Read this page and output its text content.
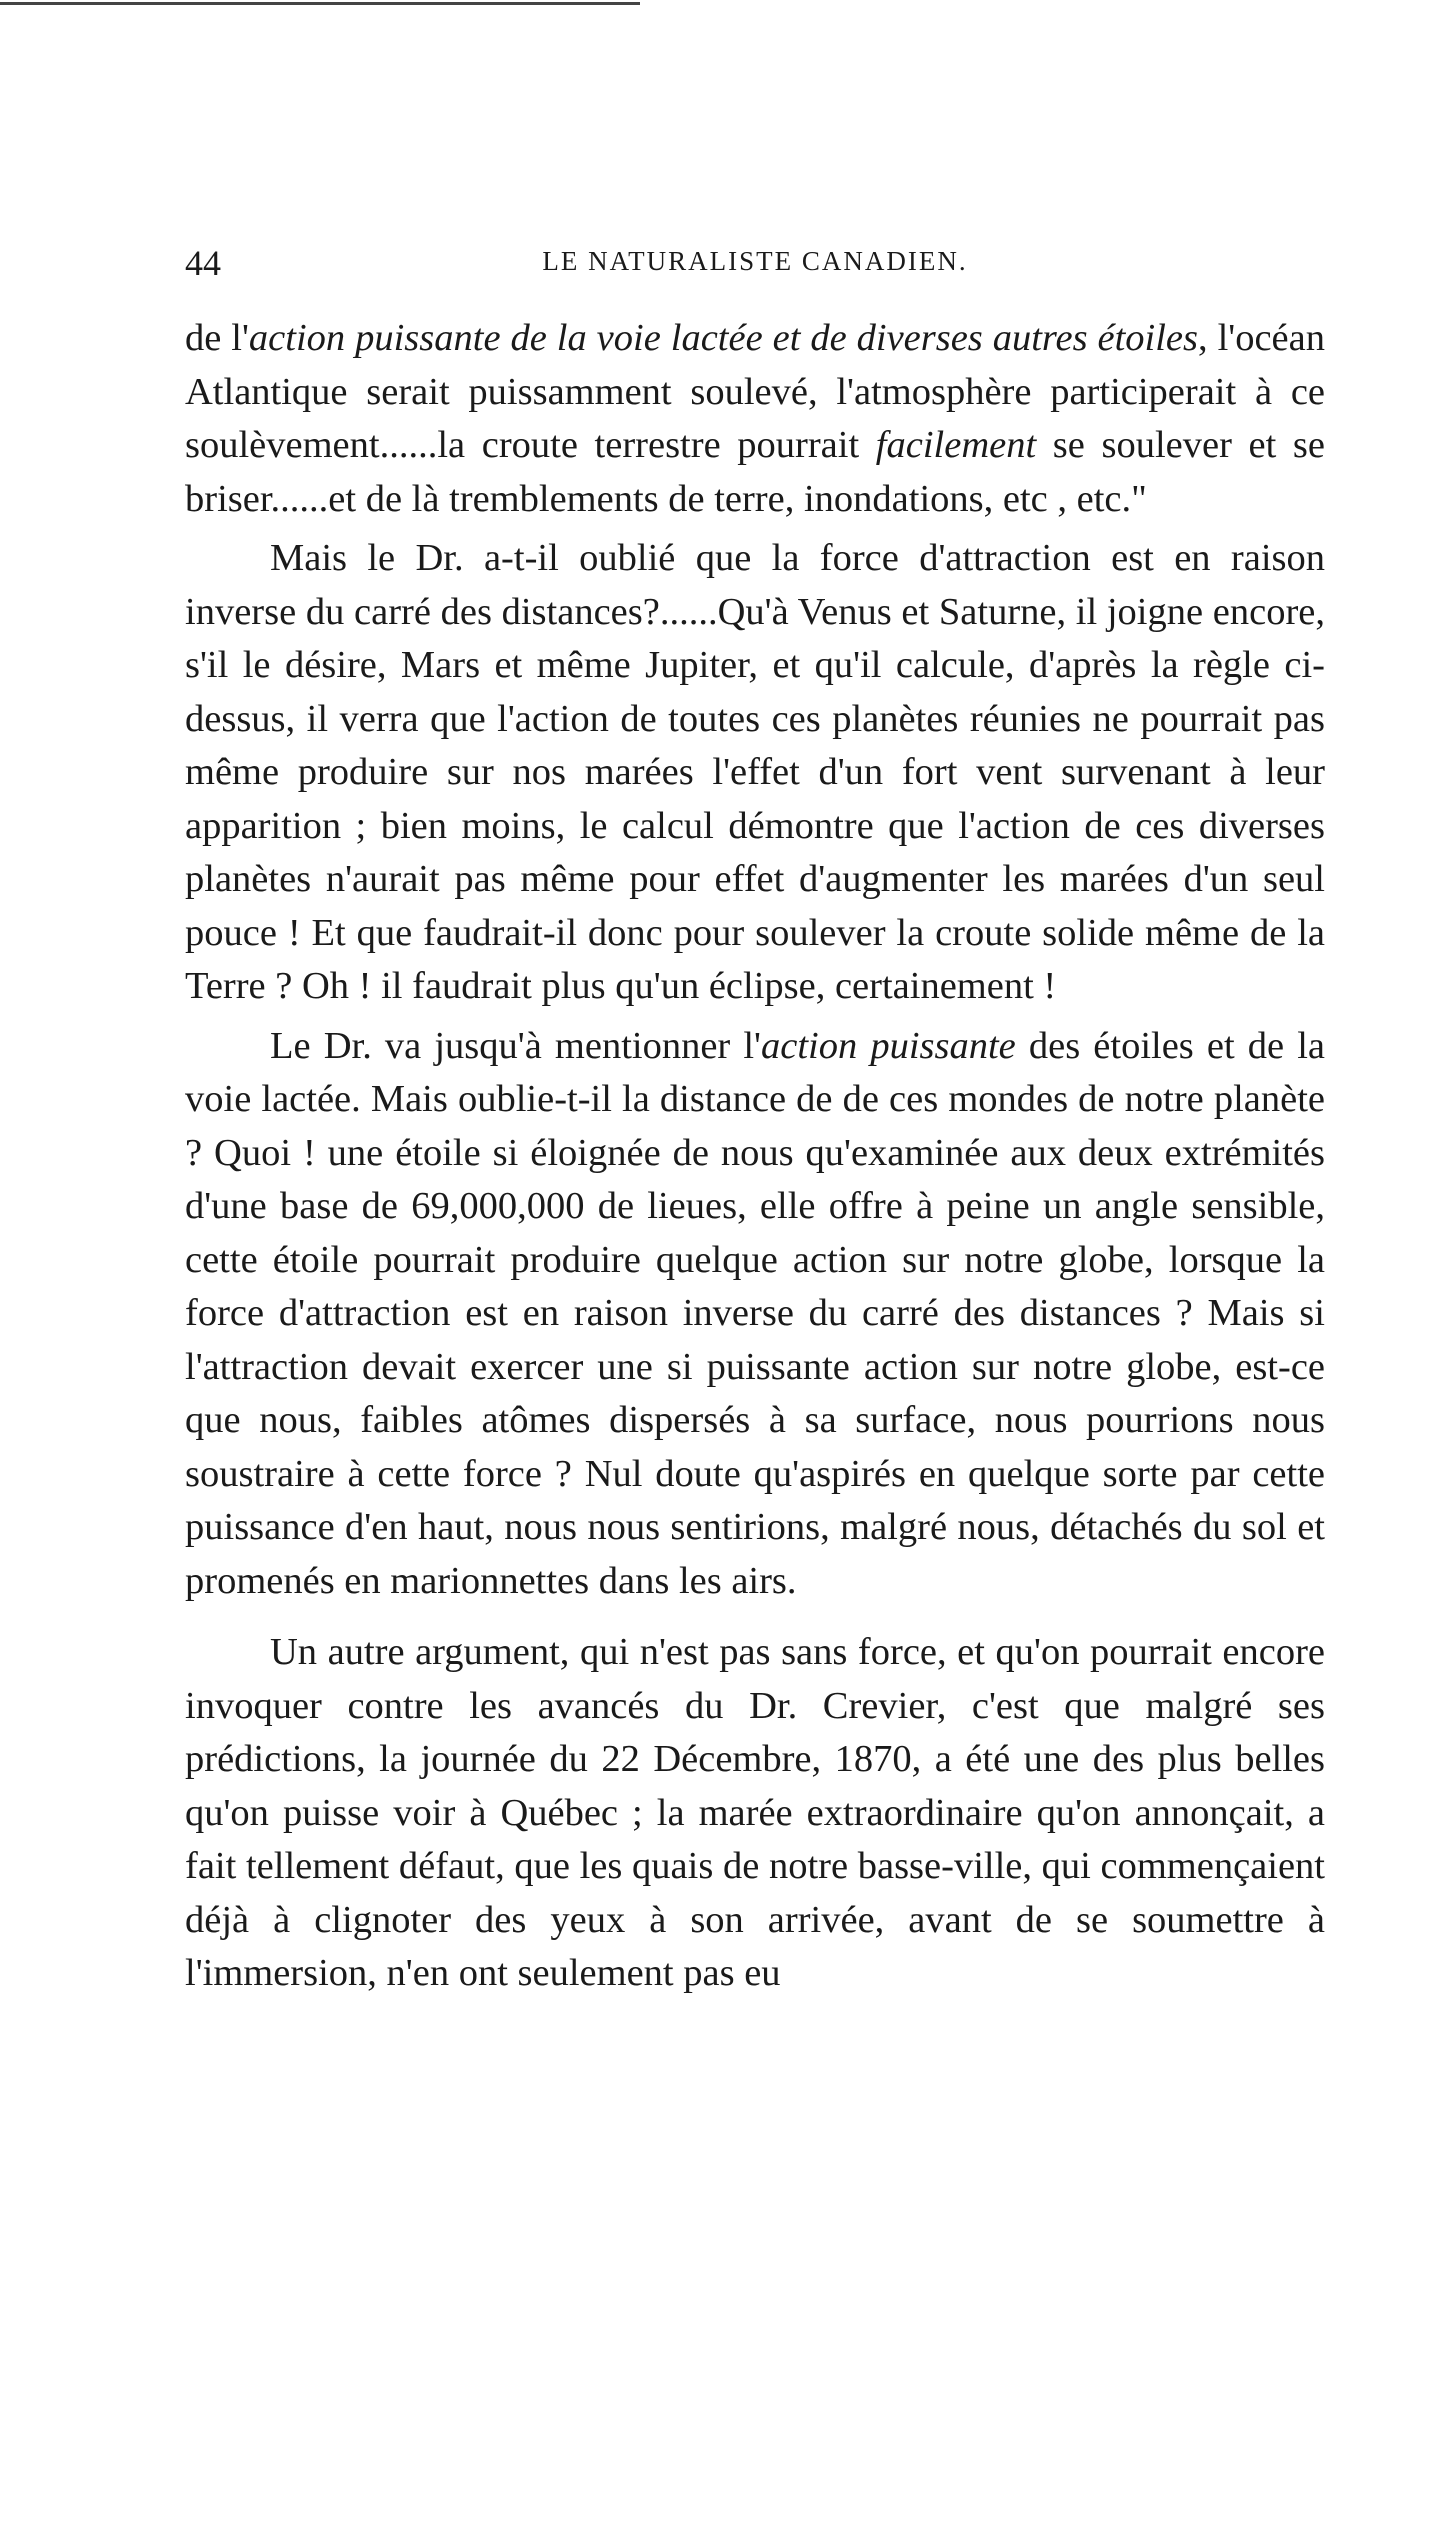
44	LE NATURALISTE CANADIEN.

de l'action puissante de la voie lactée et de diverses autres étoiles, l'océan Atlantique serait puissamment soulevé, l'atmosphère participerait à ce soulèvement......la croute terrestre pourrait facilement se soulever et se briser......et de là tremblements de terre, inondations, etc , etc."

Mais le Dr. a-t-il oublié que la force d'attraction est en raison inverse du carré des distances?......Qu'à Venus et Saturne, il joigne encore, s'il le désire, Mars et même Jupiter, et qu'il calcule, d'après la règle ci-dessus, il verra que l'action de toutes ces planètes réunies ne pourrait pas même produire sur nos marées l'effet d'un fort vent survenant à leur apparition ; bien moins, le calcul démontre que l'action de ces diverses planètes n'aurait pas même pour effet d'augmenter les marées d'un seul pouce ! Et que faudrait-il donc pour soulever la croute solide même de la Terre ? Oh ! il faudrait plus qu'un éclipse, certainement !

Le Dr. va jusqu'à mentionner l'action puissante des étoiles et de la voie lactée. Mais oublie-t-il la distance de de ces mondes de notre planète ? Quoi ! une étoile si éloignée de nous qu'examinée aux deux extrémités d'une base de 69,000,000 de lieues, elle offre à peine un angle sensible, cette étoile pourrait produire quelque action sur notre globe, lorsque la force d'attraction est en raison inverse du carré des distances ? Mais si l'attraction devait exercer une si puissante action sur notre globe, est-ce que nous, faibles atômes dispersés à sa surface, nous pourrions nous soustraire à cette force ? Nul doute qu'aspirés en quelque sorte par cette puissance d'en haut, nous nous sentirions, malgré nous, détachés du sol et promenés en marionnettes dans les airs.

Un autre argument, qui n'est pas sans force, et qu'on pourrait encore invoquer contre les avancés du Dr. Crevier, c'est que malgré ses prédictions, la journée du 22 Décembre, 1870, a été une des plus belles qu'on puisse voir à Québec ; la marée extraordinaire qu'on annonçait, a fait tellement défaut, que les quais de notre basse-ville, qui commençaient déjà à clignoter des yeux à son arrivée, avant de se soumettre à l'immersion, n'en ont seulement pas eu
